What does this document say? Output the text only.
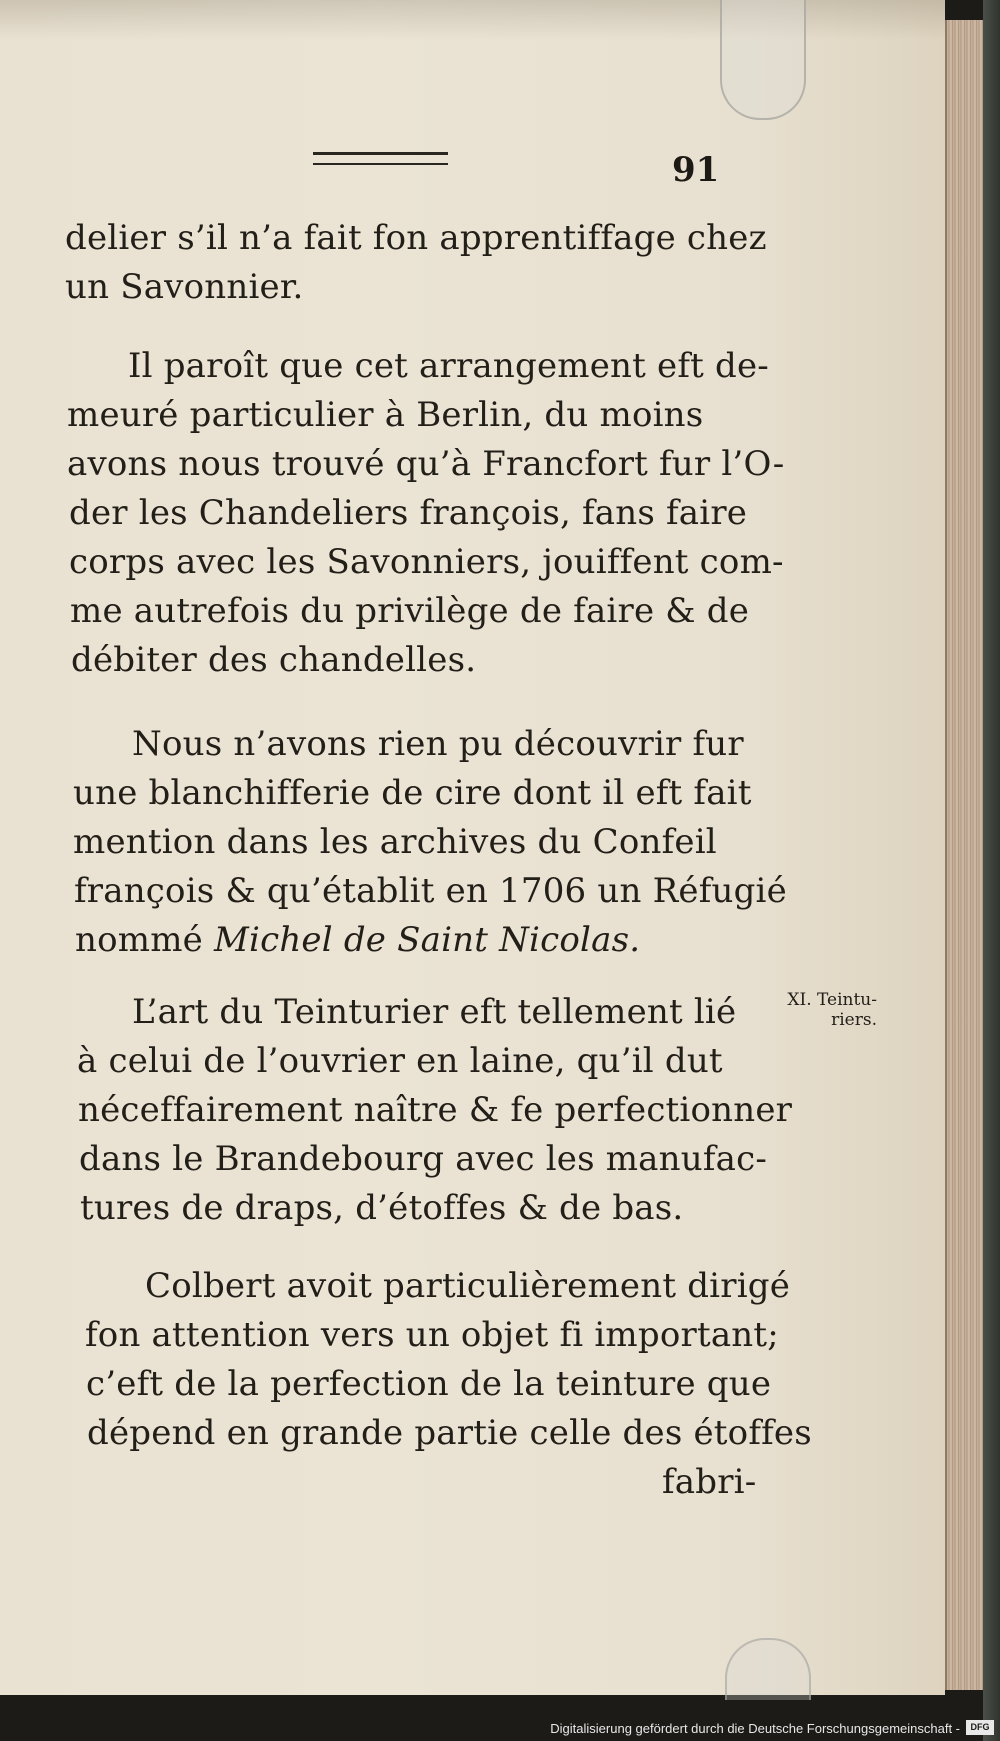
91
delier s’il n’a fait fon apprentiffage chez
un Savonnier.
Il paroît que cet arrangement eft de-
meuré particulier à Berlin, du moins
avons nous trouvé qu’à Francfort fur l’O-
der les Chandeliers françois, fans faire
corps avec les Savonniers, jouiffent com-
me autrefois du privilège de faire & de
débiter des chandelles.
Nous n’avons rien pu découvrir fur
une blanchifferie de cire dont il eft fait
mention dans les archives du Confeil
françois & qu’établit en 1706 un Réfugié
nommé Michel de Saint Nicolas.
L’art du Teinturier eft tellement lié
à celui de l’ouvrier en laine, qu’il dut
néceffairement naître & fe perfectionner
dans le Brandebourg avec les manufac-
tures de draps, d’étoffes & de bas.
Colbert avoit particulièrement dirigé
fon attention vers un objet fi important;
c’eft de la perfection de la teinture que
dépend en grande partie celle des étoffes
fabri-
XI. Teintu-
riers.
Digitalisierung gefördert durch die Deutsche Forschungsgemeinschaft -	DFG
